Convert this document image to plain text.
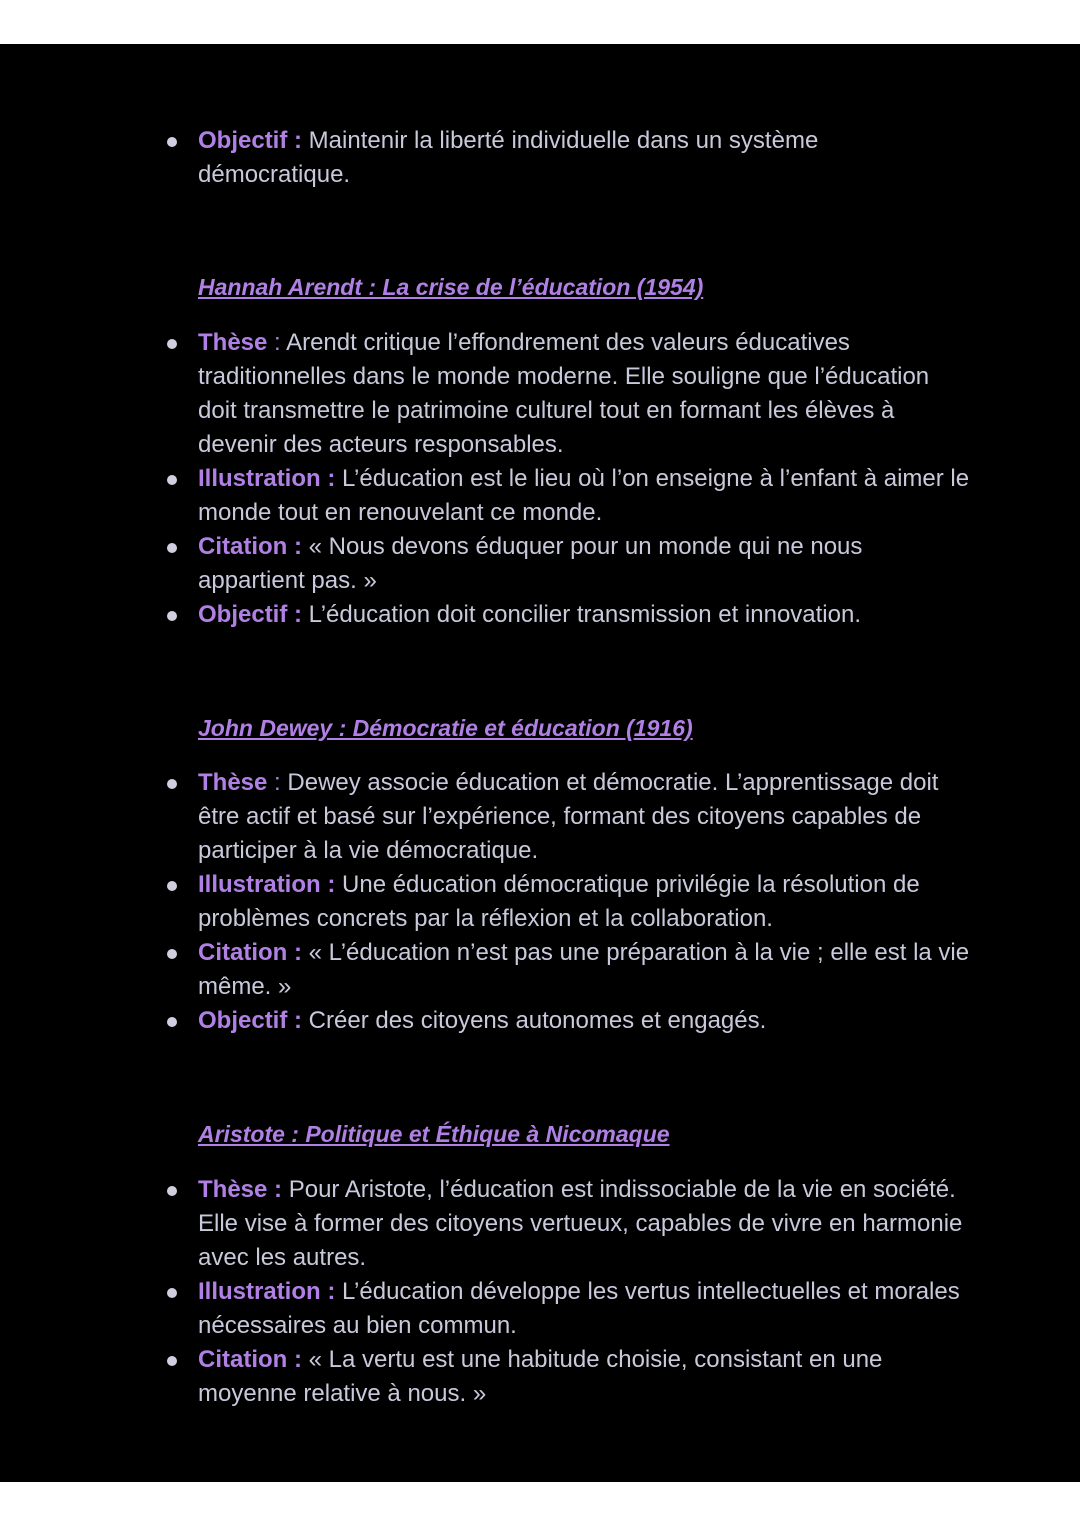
Objectif : Maintenir la liberté individuelle dans un système démocratique.
Hannah Arendt : La crise de l’éducation (1954)
Thèse : Arendt critique l’effondrement des valeurs éducatives traditionnelles dans le monde moderne. Elle souligne que l’éducation doit transmettre le patrimoine culturel tout en formant les élèves à devenir des acteurs responsables.
Illustration : L’éducation est le lieu où l’on enseigne à l’enfant à aimer le monde tout en renouvelant ce monde.
Citation : « Nous devons éduquer pour un monde qui ne nous appartient pas. »
Objectif : L’éducation doit concilier transmission et innovation.
John Dewey : Démocratie et éducation (1916)
Thèse : Dewey associe éducation et démocratie. L’apprentissage doit être actif et basé sur l’expérience, formant des citoyens capables de participer à la vie démocratique.
Illustration : Une éducation démocratique privilégie la résolution de problèmes concrets par la réflexion et la collaboration.
Citation : « L’éducation n’est pas une préparation à la vie ; elle est la vie même. »
Objectif : Créer des citoyens autonomes et engagés.
Aristote : Politique et Éthique à Nicomaque
Thèse : Pour Aristote, l’éducation est indissociable de la vie en société. Elle vise à former des citoyens vertueux, capables de vivre en harmonie avec les autres.
Illustration : L’éducation développe les vertus intellectuelles et morales nécessaires au bien commun.
Citation : « La vertu est une habitude choisie, consistant en une moyenne relative à nous. »
